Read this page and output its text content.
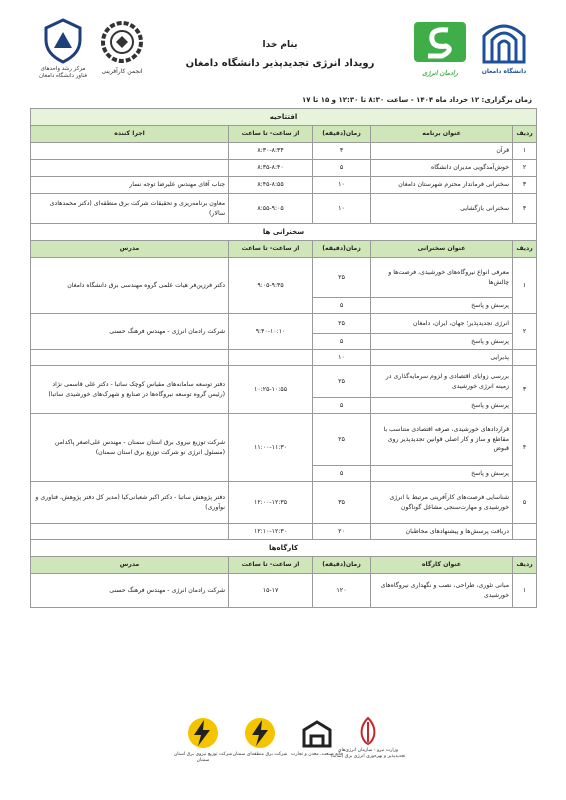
دانشگاه دامغان
رادمان انرژی
انجمن کارآفرینی
مرکز رشد واحدهای فناور دانشگاه دامغان
بنام خدا
رویداد انرژی تجدیدپذیر دانشگاه دامغان
زمان برگزاری: ۱۲ خرداد ماه ۱۴۰۴ - ساعت ۸:۳۰ تا ۱۲:۳۰ و ۱۵ تا ۱۷
افتتاحیه				
ردیف	عنوان برنامه	زمان(دقیقه)	از ساعت- تا ساعت	اجرا کننده
۱	قرآن	۴	۸:۳۰-۸:۳۴	
۲	خوش‌آمدگویی مدیران دانشگاه	۵	۸:۳۵-۸:۴۰	
۳	سخنرانی فرماندار محترم شهرستان دامغان	۱۰	۸:۴۵-۸:۵۵	جناب آقای مهندس علیرضا توجه نسار
۴	سخنرانی بازگشایی	۱۰	۸:۵۵-۹:۰۵	معاون برنامه‌ریزی و تحقیقات شرکت برق منطقه‌ای (دکتر محمدهادی سالار)
سخنرانی ها				
ردیف	عنوان سخنرانی	زمان(دقیقه)	از ساعت- تا ساعت	مدرس
۱	معرفی انواع نیروگاه‌های خورشیدی، فرصت‌ها و چالش‌ها	۲۵	۹:۰۵-۹:۳۵	دکتر فرزین‌فر هیات علمی گروه مهندسی برق دانشگاه دامغان
	پرسش و پاسخ	۵		
۲	انرژی تجدیدپذیر؛ جهان، ایران، دامغان	۲۵	۹:۴۰-۱۰:۱۰	شرکت رادمان انرژی - مهندس فرهنگ حسنی
	پرسش و پاسخ	۵		
	پذیرایی	۱۰		
۳	بررسی زوایای اقتصادی و لزوم سرمایه‌گذاری در زمینه انرژی خورشیدی	۲۵	۱۰:۲۵-۱۰:۵۵	دفتر توسعه سامانه‌های مقیاس کوچک ساتبا - دکتر علی قاسمی نژاد (رئیس گروه توسعه نیروگاه‌ها در صنایع و شهرک‌های خورشیدی ساتبا)
	پرسش و پاسخ	۵		
۴	قراردادهای خورشیدی، صرفه اقتصادی متناسب با مقاطع و ساز و کار اصلی قوانین تجدیدپذیر روی قبوض	۲۵	۱۱:۰۰-۱۱:۳۰	شرکت توزیع نیروی برق استان سمنان - مهندس علی‌اصغر پاکدامن (مسئول انرژی نو شرکت توزیع برق استان سمنان)
	پرسش و پاسخ	۵		
۵	شناسایی فرصت‌های کارآفرینی مرتبط با انرژی خورشیدی و مهارت‌سنجی مشاغل گوناگون	۳۵	۱۲:۰۰-۱۲:۳۵	دفتر پژوهش ساتبا - دکتر اکبر شعبانی‌کیا (مدیر کل دفتر پژوهش، فناوری و نوآوری)
	دریافت پرسش‌ها و پیشنهادهای مخاطبان	۲۰	۱۲:۱۰-۱۲:۳۰	
کارگاه‌ها				
ردیف	عنوان کارگاه	زمان(دقیقه)	از ساعت- تا ساعت	مدرس
۱	مبانی تئوری، طراحی، نصب و نگهداری نیروگاه‌های خورشیدی	۱۲۰	۱۵-۱۷	شرکت رادمان انرژی - مهندس فرهنگ حسنی
وزارت نیرو - سازمان انرژی‌های تجدیدپذیر و بهره‌وری انرژی برق (ساتبا)
خانه صنعت، معدن و تجارت
شرکت برق منطقه‌ای سمنان
شرکت توزیع نیروی برق استان سمنان
